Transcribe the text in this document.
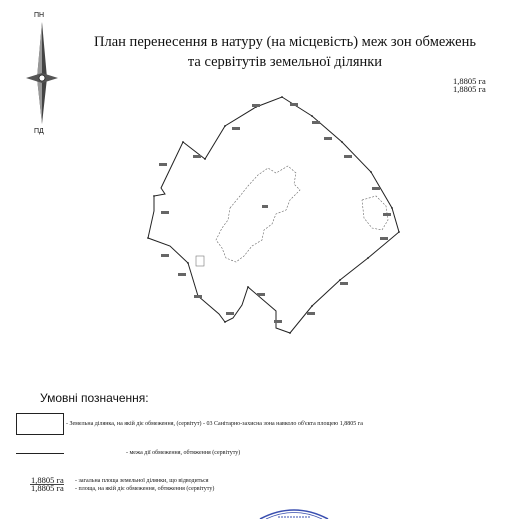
ПН
ПД
План перенесення в натуру (на місцевість) меж зон обмежень
та сервітутів земельної ділянки
1,8805 га
1,8805 га
Умовні позначення:
- Земельна ділянка, на якій діє обмеження, (сервітут) - 03 Санітарно-захисна зона навколо об'єкта площею 1,8805 га
- межа дії обмеження, обтяження (сервітуту)
1,8805 га
1,8805 га
- загальна площа земельної ділянки, що відводиться
- площа, на якій діє обмеження, обтяження (сервітуту)
